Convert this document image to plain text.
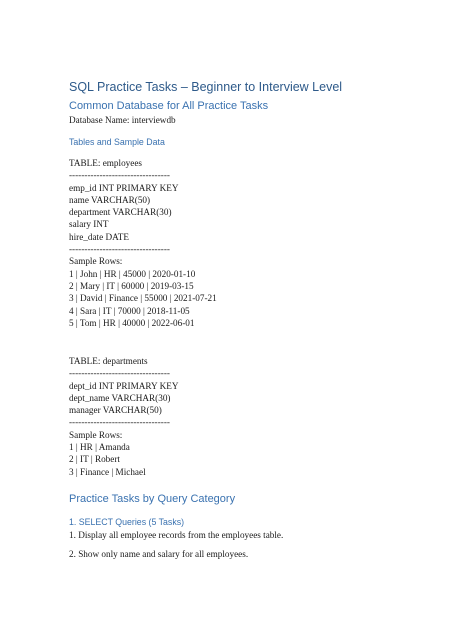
SQL Practice Tasks – Beginner to Interview Level
Common Database for All Practice Tasks
Database Name: interviewdb
Tables and Sample Data
TABLE: employees
---------------------------------
emp_id INT PRIMARY KEY
name VARCHAR(50)
department VARCHAR(30)
salary INT
hire_date DATE
---------------------------------
Sample Rows:
1 | John | HR | 45000 | 2020-01-10
2 | Mary | IT | 60000 | 2019-03-15
3 | David | Finance | 55000 | 2021-07-21
4 | Sara | IT | 70000 | 2018-11-05
5 | Tom | HR | 40000 | 2022-06-01
TABLE: departments
---------------------------------
dept_id INT PRIMARY KEY
dept_name VARCHAR(30)
manager VARCHAR(50)
---------------------------------
Sample Rows:
1 | HR | Amanda
2 | IT | Robert
3 | Finance | Michael
Practice Tasks by Query Category
1. SELECT Queries (5 Tasks)
1. Display all employee records from the employees table.
2. Show only name and salary for all employees.
